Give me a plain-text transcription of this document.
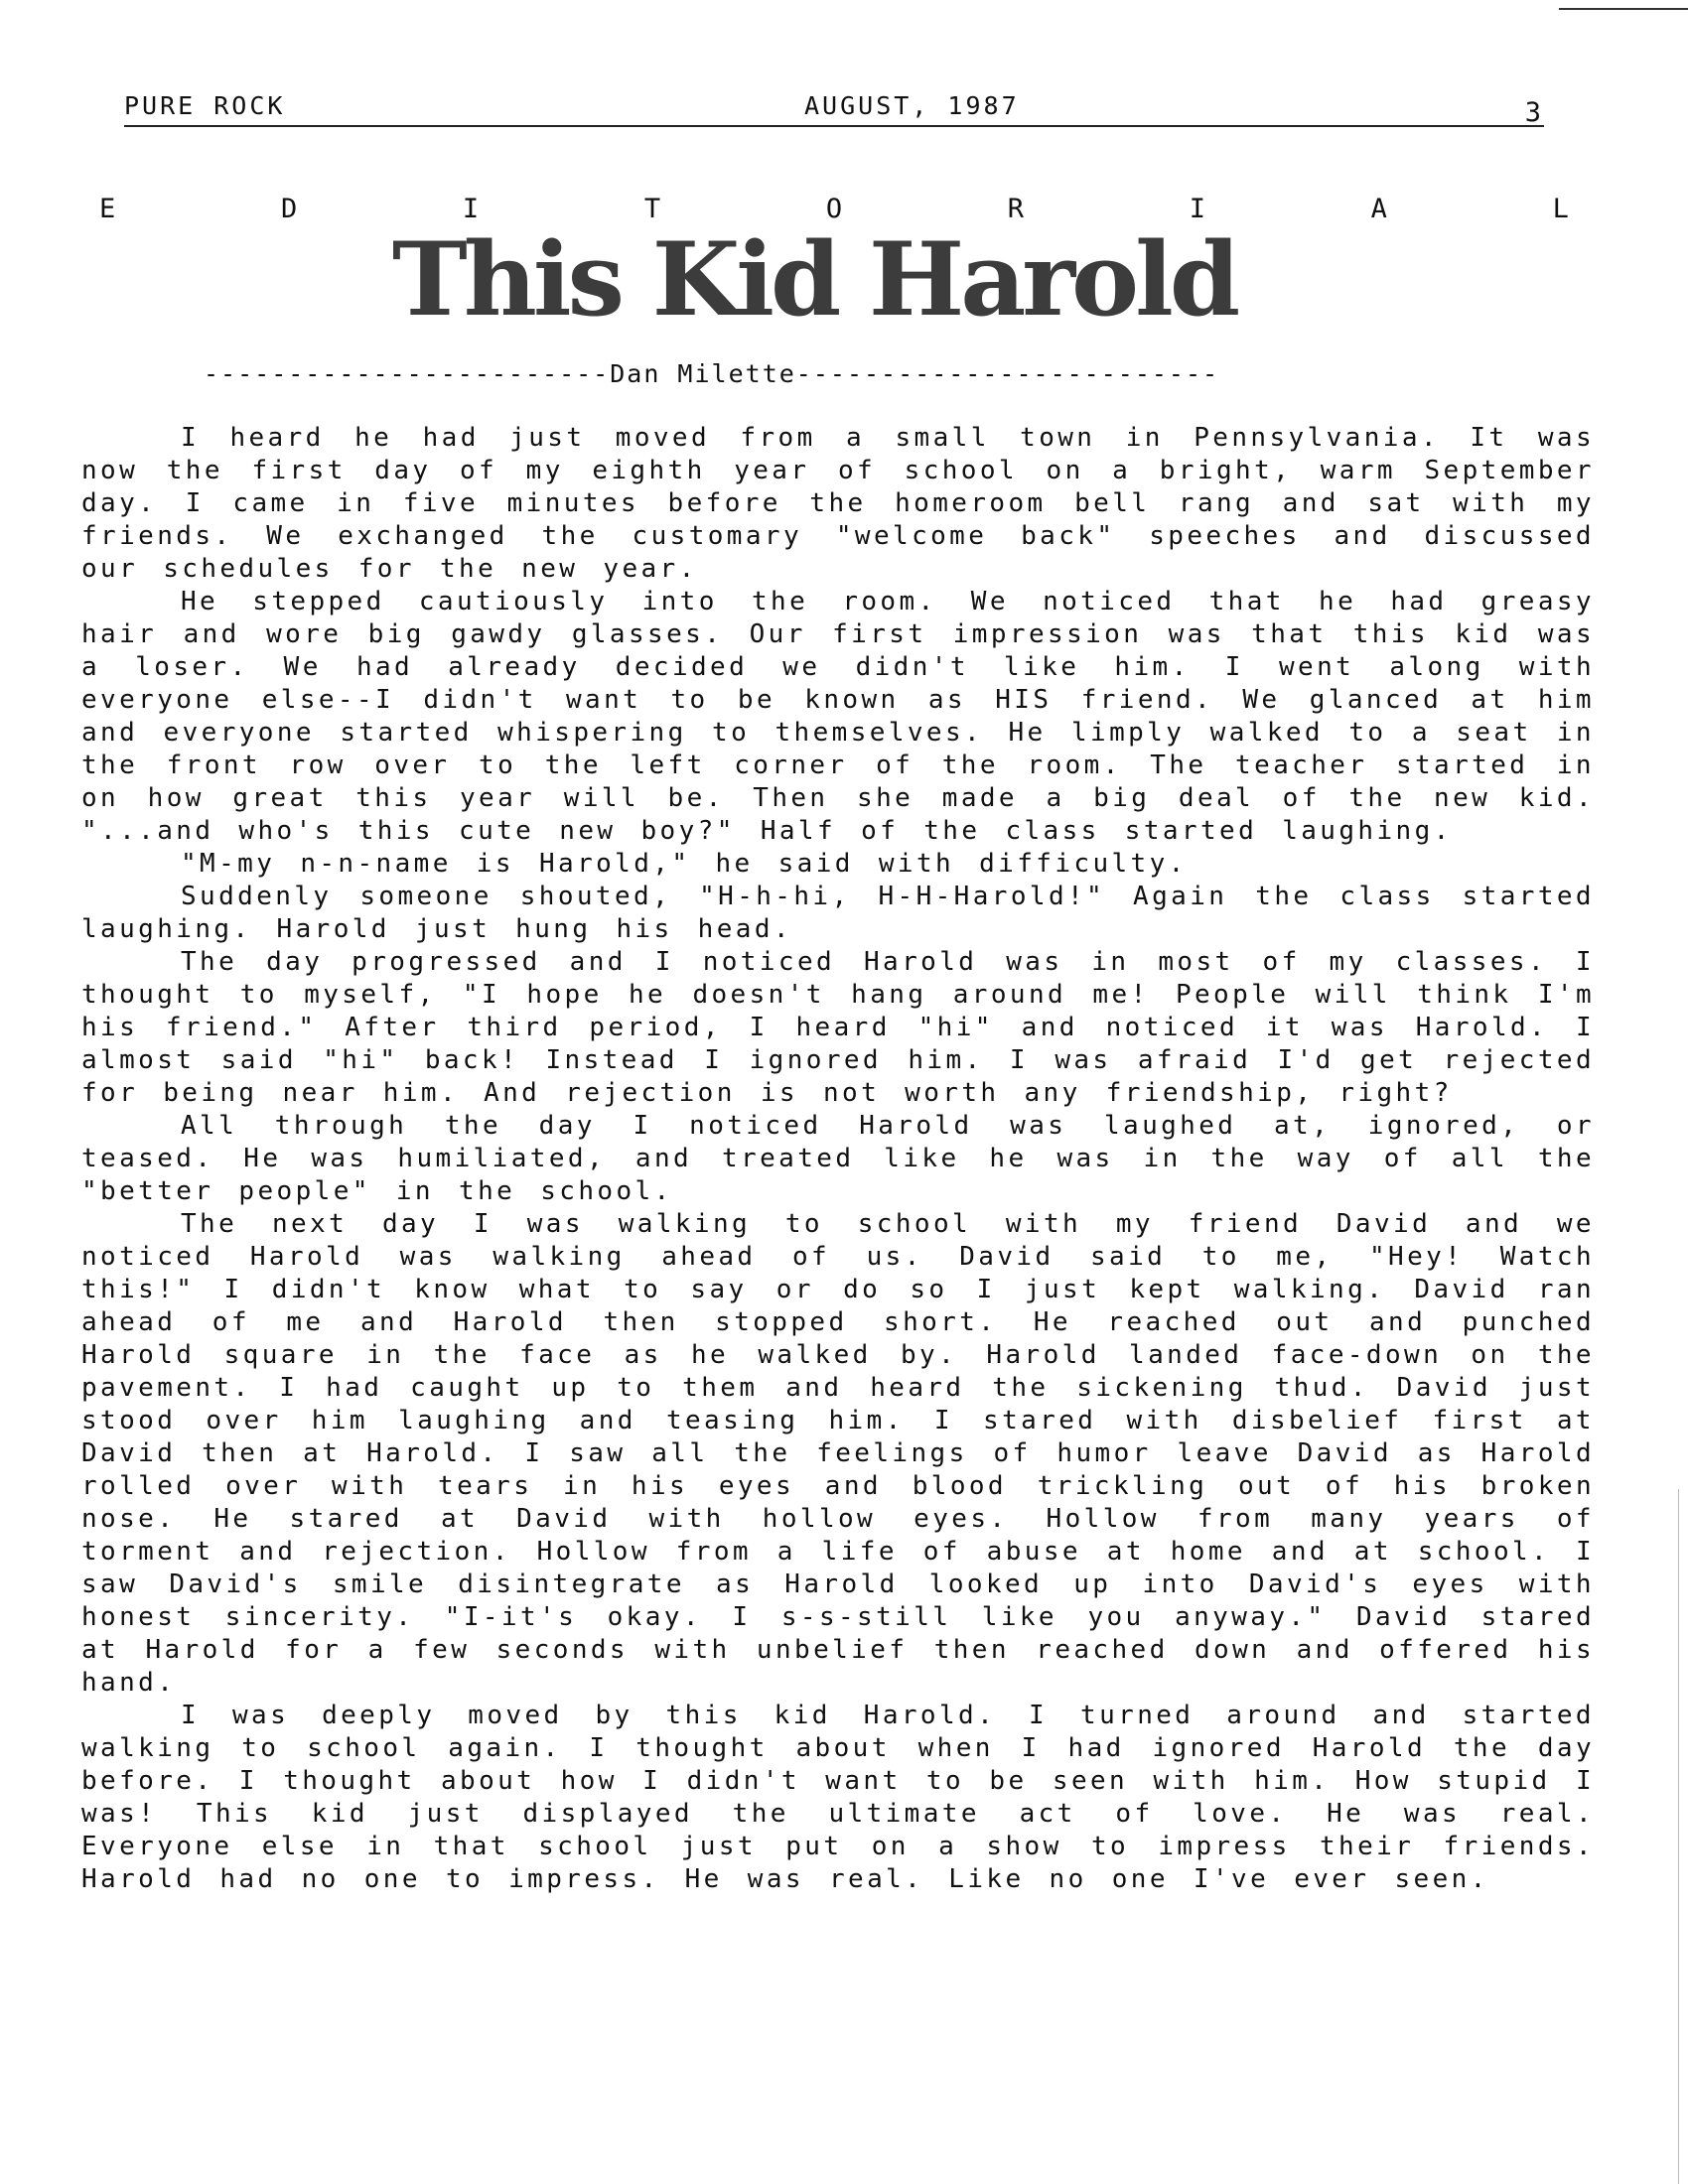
PURE ROCK	AUGUST, 1987	3
E	D	I	T	O	R	I	A	L
This Kid Harold
------------------------Dan Milette-------------------------

I heard he had just moved from a small town in Pennsylvania. It was now the first day of my eighth year of school on a bright, warm September day. I came in five minutes before the homeroom bell rang and sat with my friends. We exchanged the customary "welcome back" speeches and discussed our schedules for the new year.

He stepped cautiously into the room. We noticed that he had greasy hair and wore big gawdy glasses. Our first impression was that this kid was a loser. We had already decided we didn't like him. I went along with everyone else--I didn't want to be known as HIS friend. We glanced at him and everyone started whispering to themselves. He limply walked to a seat in the front row over to the left corner of the room. The teacher started in on how great this year will be. Then she made a big deal of the new kid. "...and who's this cute new boy?" Half of the class started laughing.

"M-my n-n-name is Harold," he said with difficulty.

Suddenly someone shouted, "H-h-hi, H-H-Harold!" Again the class started laughing. Harold just hung his head.

The day progressed and I noticed Harold was in most of my classes. I thought to myself, "I hope he doesn't hang around me! People will think I'm his friend." After third period, I heard "hi" and noticed it was Harold. I almost said "hi" back! Instead I ignored him. I was afraid I'd get rejected for being near him. And rejection is not worth any friendship, right?

All through the day I noticed Harold was laughed at, ignored, or teased. He was humiliated, and treated like he was in the way of all the "better people" in the school.

The next day I was walking to school with my friend David and we noticed Harold was walking ahead of us. David said to me, "Hey! Watch this!" I didn't know what to say or do so I just kept walking. David ran ahead of me and Harold then stopped short. He reached out and punched Harold square in the face as he walked by. Harold landed face-down on the pavement. I had caught up to them and heard the sickening thud. David just stood over him laughing and teasing him. I stared with disbelief first at David then at Harold. I saw all the feelings of humor leave David as Harold rolled over with tears in his eyes and blood trickling out of his broken nose. He stared at David with hollow eyes. Hollow from many years of torment and rejection. Hollow from a life of abuse at home and at school. I saw David's smile disintegrate as Harold looked up into David's eyes with honest sincerity. "I-it's okay. I s-s-still like you anyway." David stared at Harold for a few seconds with unbelief then reached down and offered his hand.

I was deeply moved by this kid Harold. I turned around and started walking to school again. I thought about when I had ignored Harold the day before. I thought about how I didn't want to be seen with him. How stupid I was! This kid just displayed the ultimate act of love. He was real. Everyone else in that school just put on a show to impress their friends. Harold had no one to impress. He was real. Like no one I've ever seen.
